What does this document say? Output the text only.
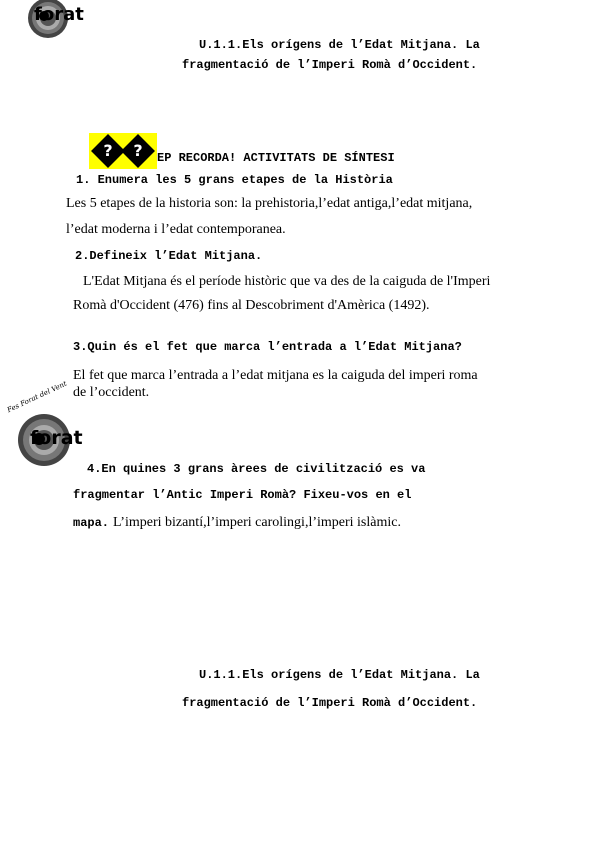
forat
U.1.1.Els orígens de l’Edat Mitjana. La
fragmentació de l’Imperi Romà d’Occident.
? ? EP RECORDA! ACTIVITATS DE SÍNTESI
1. Enumera les 5 grans etapes de la Història
Les 5 etapes de la historia son: la prehistoria,l’edat antiga,l’edat mitjana,
l’edat moderna i l’edat contemporanea.
2.Defineix l’Edat Mitjana.
L'Edat Mitjana és el període històric que va des de la caiguda de l'Imperi
Romà d'Occident (476) fins al Descobriment d'Amèrica (1492).
3.Quin és el fet que marca l’entrada a l’Edat Mitjana?
El fet que marca l’entrada a l’edat mitjana es la caiguda del imperi roma
de l’occident.
Fes Forat del Vent
forat
4.En quines 3 grans àrees de civilització es va
fragmentar l’Antic Imperi Romà? Fixeu-vos en el
mapa. L’imperi bizantí,l’imperi carolingi,l’imperi islàmic.
U.1.1.Els orígens de l’Edat Mitjana. La
fragmentació de l’Imperi Romà d’Occident.
